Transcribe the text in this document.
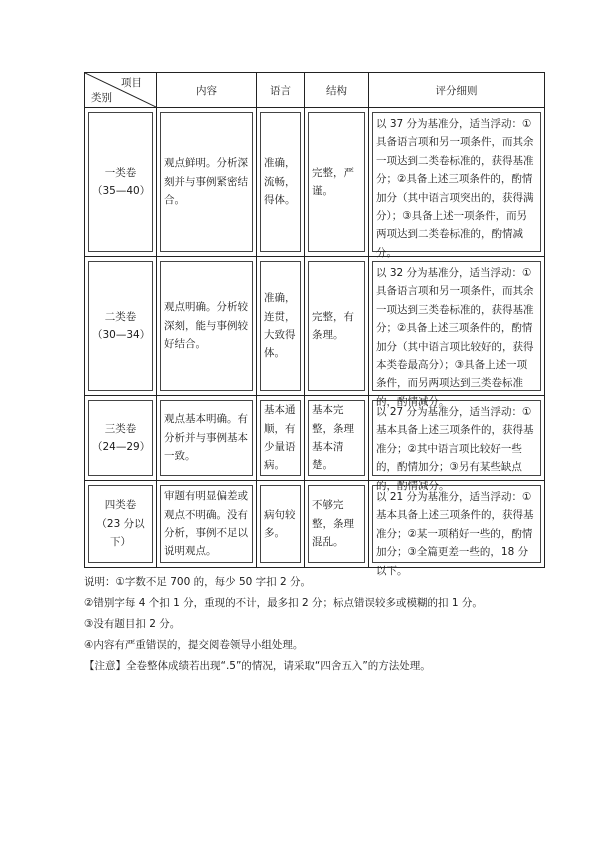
项目
类别	内容	语言	结构	评分细则

一类卷
（35—40）	观点鲜明。分析深刻并与事例紧密结合。	准确，流畅，得体。	完整，严谨。	以 37 分为基准分，适当浮动：①具备语言项和另一项条件，而其余一项达到二类卷标准的，获得基准分；②具备上述三项条件的，酌情加分（其中语言项突出的，获得满分）；③具备上述一项条件，而另两项达到二类卷标准的，酌情减分。

二类卷
（30—34）	观点明确。分析较深刻，能与事例较好结合。	准确，连贯，大致得体。	完整，有条理。	以 32 分为基准分，适当浮动：①具备语言项和另一项条件，而其余一项达到三类卷标准的，获得基准分；②具备上述三项条件的，酌情加分（其中语言项比较好的，获得本类卷最高分）；③具备上述一项条件，而另两项达到三类卷标准的，酌情减分。

三类卷
（24—29）	观点基本明确。有分析并与事例基本一致。	基本通顺，有少量语病。	基本完整，条理基本清楚。	以 27 分为基准分，适当浮动：①基本具备上述三项条件的，获得基准分；②其中语言项比较好一些的，酌情加分；③另有某些缺点的，酌情减分。

四类卷
（23 分以下）	审题有明显偏差或观点不明确。没有分析，事例不足以说明观点。	病句较多。	不够完整，条理混乱。	以 21 分为基准分，适当浮动：①基本具备上述三项条件的，获得基准分；②某一项稍好一些的，酌情加分；③全篇更差一些的，18 分以下。

说明：①字数不足 700 的，每少 50 字扣 2 分。

②错别字每 4 个扣 1 分，重现的不计，最多扣 2 分；标点错误较多或模糊的扣 1 分。

③没有题目扣 2 分。

④内容有严重错误的，提交阅卷领导小组处理。

【注意】全卷整体成绩若出现“.5”的情况，请采取“四舍五入”的方法处理。
